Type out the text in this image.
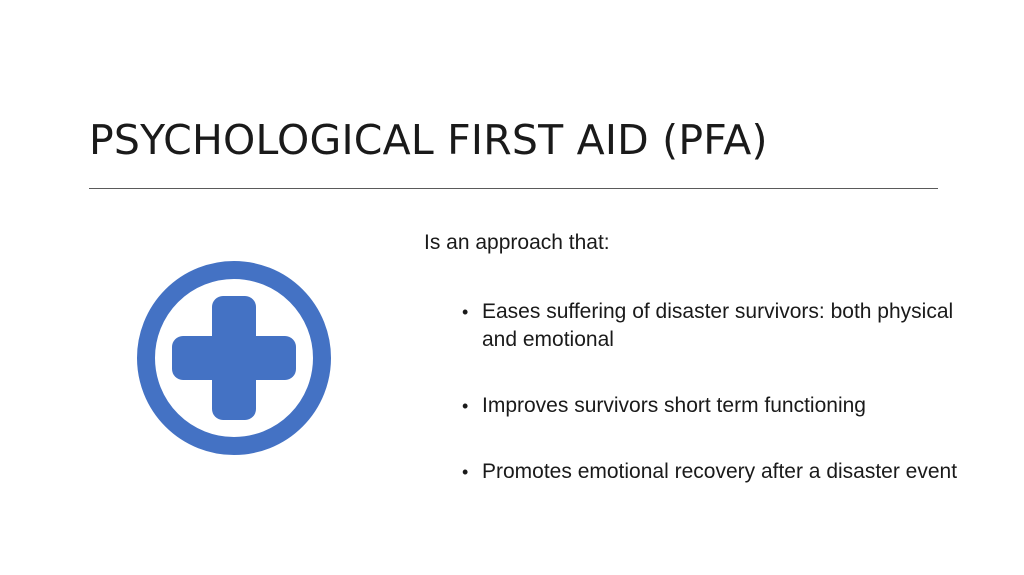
PSYCHOLOGICAL FIRST AID (PFA)

Is an approach that:

• Eases suffering of disaster survivors: both physical and emotional
• Improves survivors short term functioning
• Promotes emotional recovery after a disaster event
